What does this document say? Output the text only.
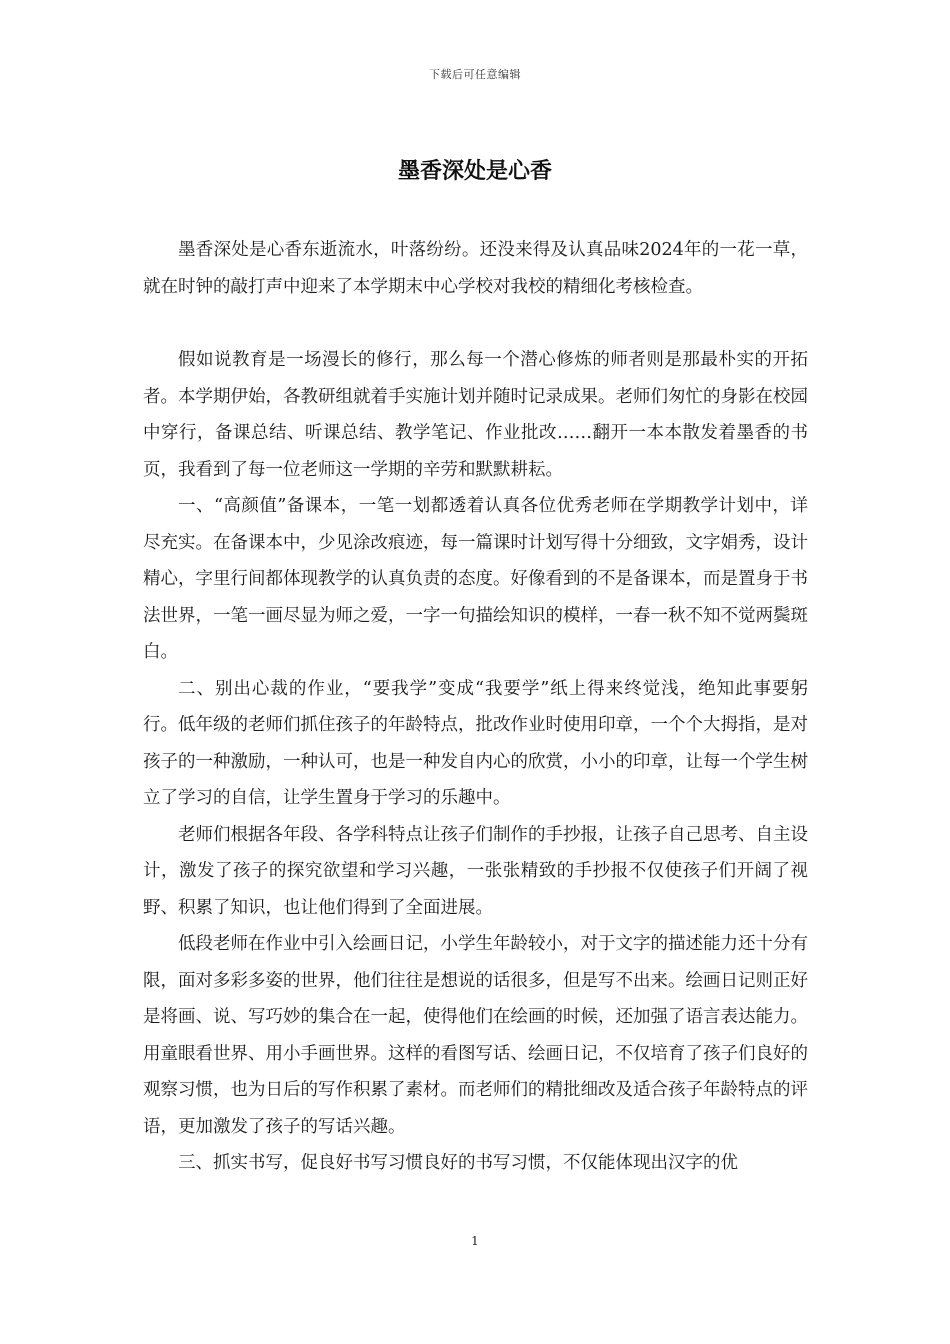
下载后可任意编辑
墨香深处是心香

墨香深处是心香东逝流水，叶落纷纷。还没来得及认真品味2024年的一花一草，就在时钟的敲打声中迎来了本学期末中心学校对我校的精细化考核检查。

假如说教育是一场漫长的修行，那么每一个潜心修炼的师者则是那最朴实的开拓者。本学期伊始，各教研组就着手实施计划并随时记录成果。老师们匆忙的身影在校园中穿行，备课总结、听课总结、教学笔记、作业批改……翻开一本本散发着墨香的书页，我看到了每一位老师这一学期的辛劳和默默耕耘。

一、“高颜值”备课本，一笔一划都透着认真各位优秀老师在学期教学计划中，详尽充实。在备课本中，少见涂改痕迹，每一篇课时计划写得十分细致，文字娟秀，设计精心，字里行间都体现教学的认真负责的态度。好像看到的不是备课本，而是置身于书法世界，一笔一画尽显为师之爱，一字一句描绘知识的模样，一春一秋不知不觉两鬓斑白。

二、别出心裁的作业，“要我学”变成“我要学”纸上得来终觉浅，绝知此事要躬行。低年级的老师们抓住孩子的年龄特点，批改作业时使用印章，一个个大拇指，是对孩子的一种激励，一种认可，也是一种发自内心的欣赏，小小的印章，让每一个学生树立了学习的自信，让学生置身于学习的乐趣中。

老师们根据各年段、各学科特点让孩子们制作的手抄报，让孩子自己思考、自主设计，激发了孩子的探究欲望和学习兴趣，一张张精致的手抄报不仅使孩子们开阔了视野、积累了知识，也让他们得到了全面进展。

低段老师在作业中引入绘画日记，小学生年龄较小，对于文字的描述能力还十分有限，面对多彩多姿的世界，他们往往是想说的话很多，但是写不出来。绘画日记则正好是将画、说、写巧妙的集合在一起，使得他们在绘画的时候，还加强了语言表达能力。用童眼看世界、用小手画世界。这样的看图写话、绘画日记，不仅培育了孩子们良好的观察习惯，也为日后的写作积累了素材。而老师们的精批细改及适合孩子年龄特点的评语，更加激发了孩子的写话兴趣。

三、抓实书写，促良好书写习惯良好的书写习惯，不仅能体现出汉字的优

1
